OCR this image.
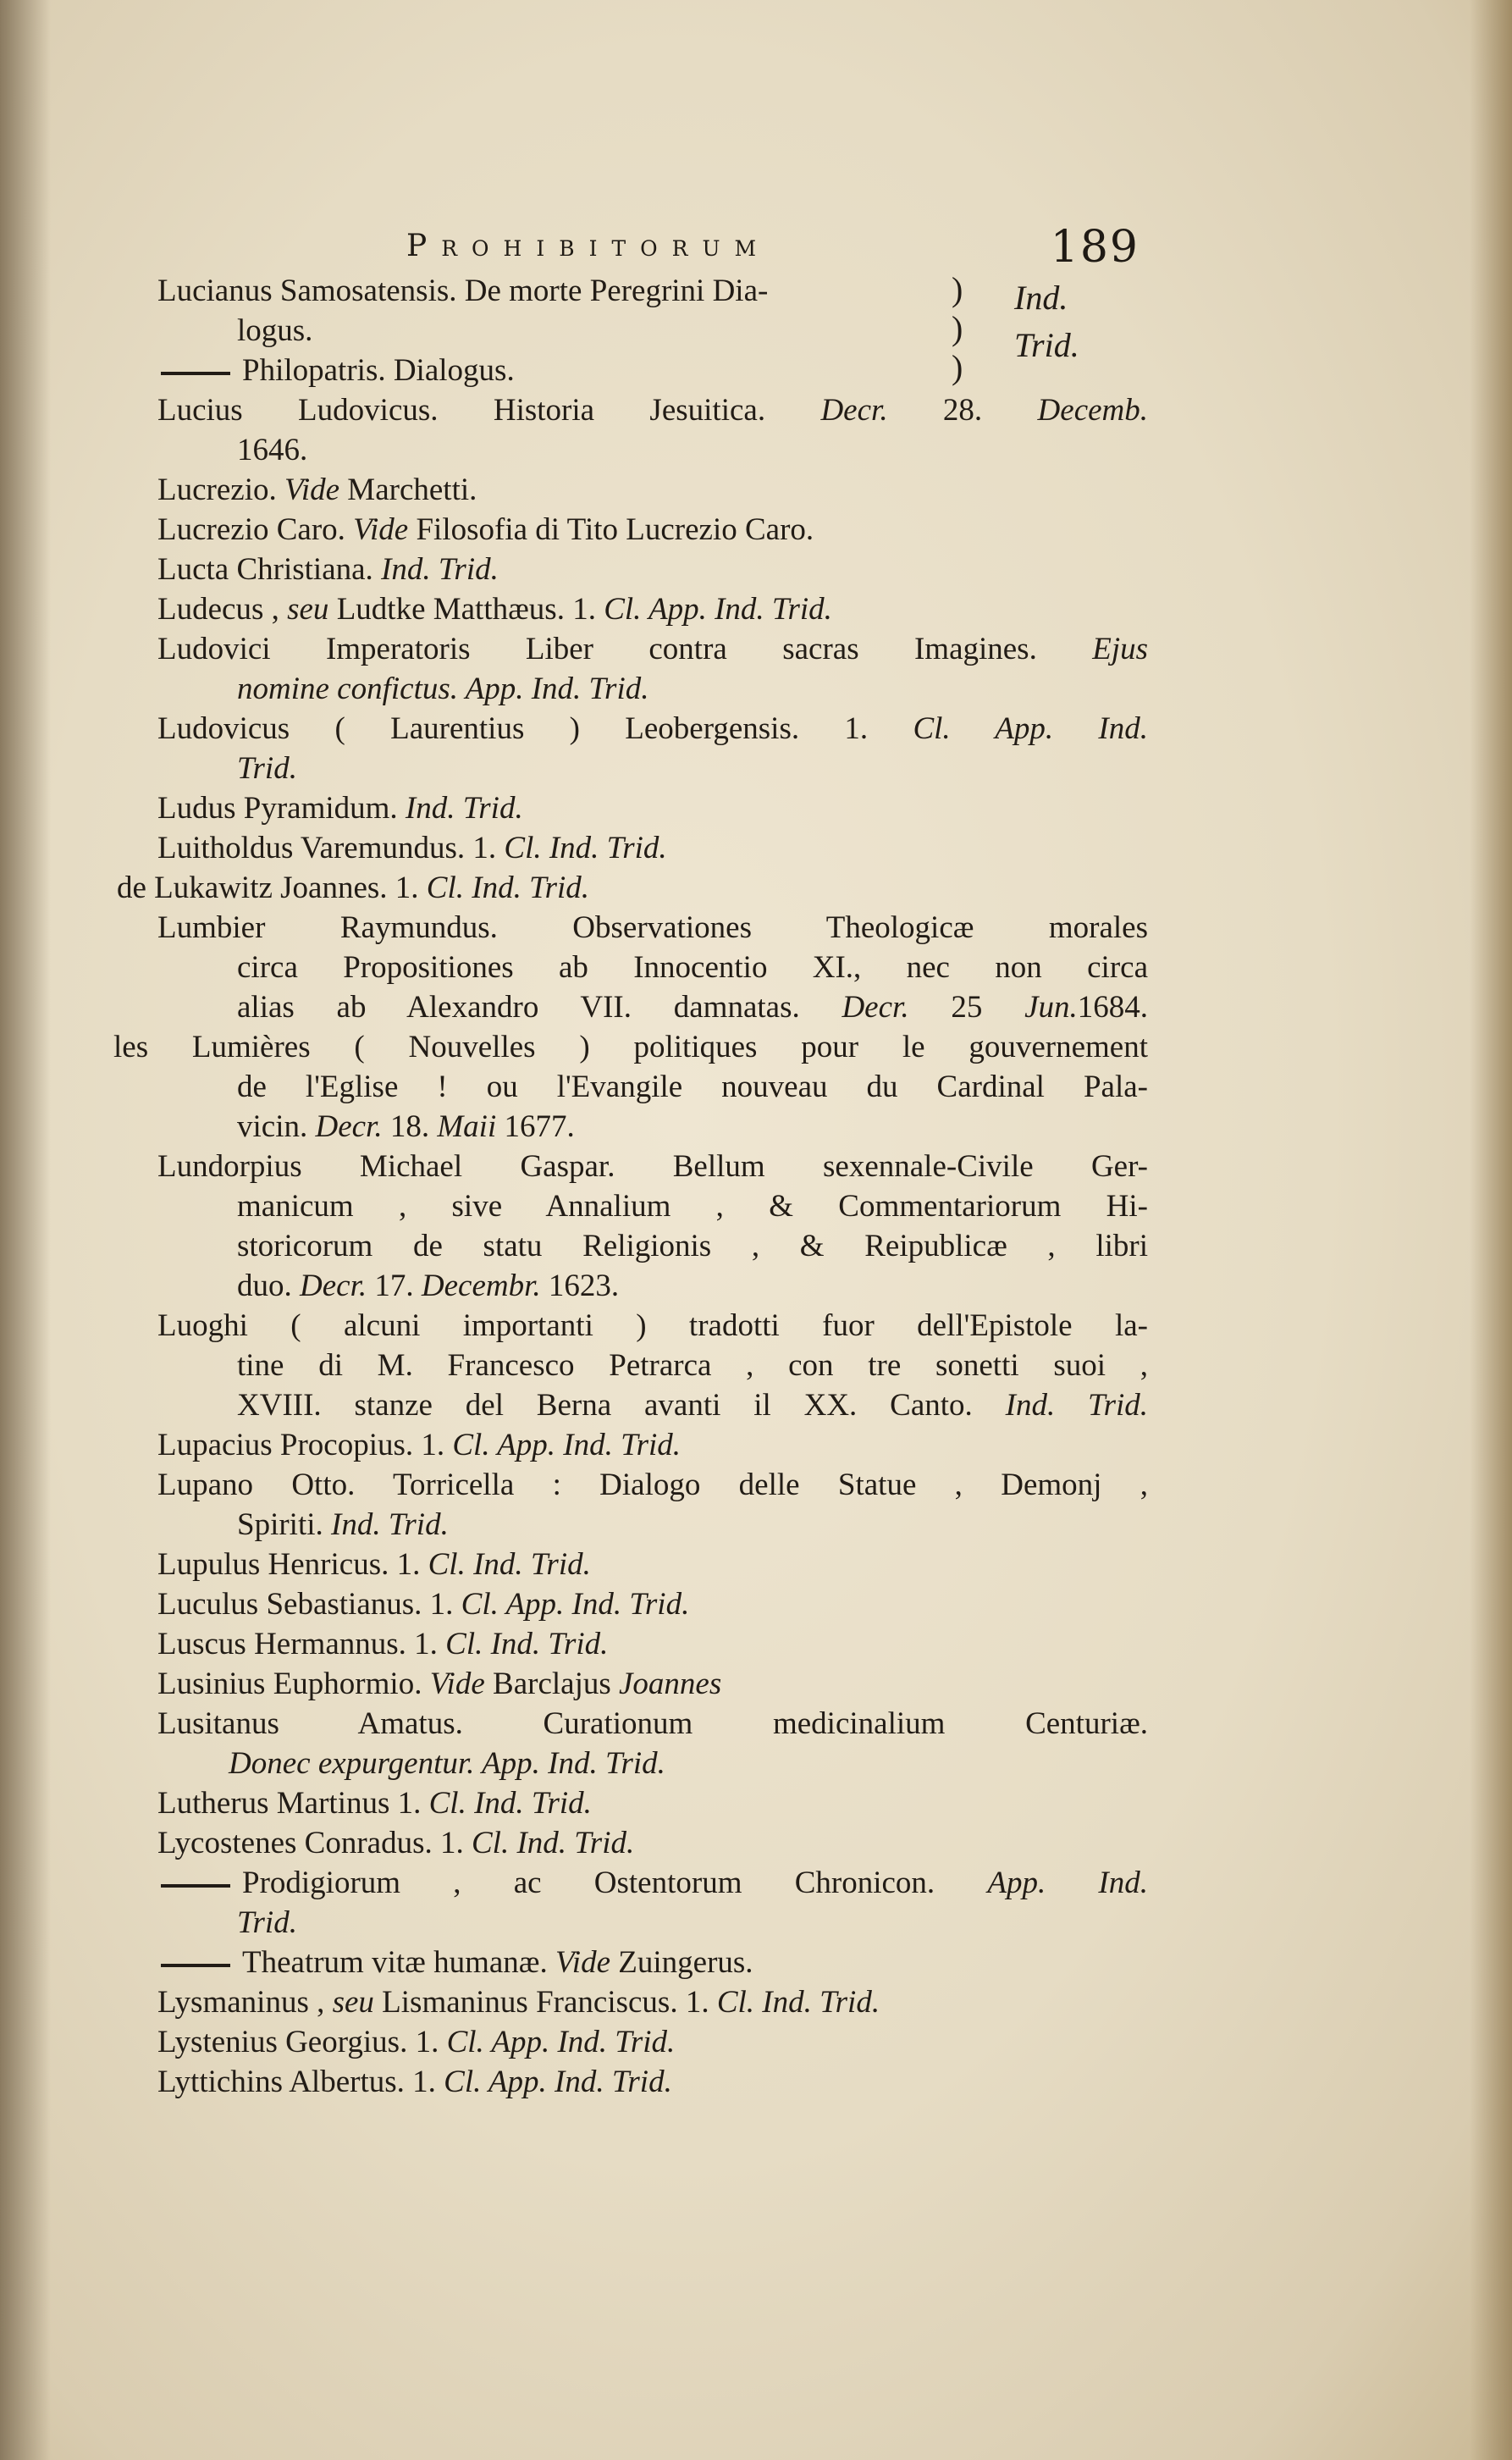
Prohibitorum	189
)
)
)
Ind.
Trid.
Lucianus Samosatensis. De morte Peregrini Dia-
logus.
Philopatris. Dialogus.
Lucius Ludovicus. Historia Jesuitica. Decr. 28. Decemb.
1646.
Lucrezio. Vide Marchetti.
Lucrezio Caro. Vide Filosofia di Tito Lucrezio Caro.
Lucta Christiana. Ind. Trid.
Ludecus , seu Ludtke Matthæus. 1. Cl. App. Ind. Trid.
Ludovici Imperatoris Liber contra sacras Imagines. Ejus
nomine confictus. App. Ind. Trid.
Ludovicus ( Laurentius ) Leobergensis. 1. Cl. App. Ind.
Trid.
Ludus Pyramidum. Ind. Trid.
Luitholdus Varemundus. 1. Cl. Ind. Trid.
de Lukawitz Joannes. 1. Cl. Ind. Trid.
Lumbier Raymundus. Observationes Theologicæ morales
circa Propositiones ab Innocentio XI., nec non circa
alias ab Alexandro VII. damnatas. Decr. 25 Jun.1684.
les Lumières ( Nouvelles ) politiques pour le gouvernement
de l'Eglise ! ou l'Evangile nouveau du Cardinal Pala-
vicin. Decr. 18. Maii 1677.
Lundorpius Michael Gaspar. Bellum sexennale-Civile Ger-
manicum , sive Annalium , & Commentariorum Hi-
storicorum de statu Religionis , & Reipublicæ , libri
duo. Decr. 17. Decembr. 1623.
Luoghi ( alcuni importanti ) tradotti fuor dell'Epistole la-
tine di M. Francesco Petrarca , con tre sonetti suoi ,
XVIII. stanze del Berna avanti il XX. Canto. Ind. Trid.
Lupacius Procopius. 1. Cl. App. Ind. Trid.
Lupano Otto. Torricella : Dialogo delle Statue , Demonj ,
Spiriti. Ind. Trid.
Lupulus Henricus. 1. Cl. Ind. Trid.
Luculus Sebastianus. 1. Cl. App. Ind. Trid.
Luscus Hermannus. 1. Cl. Ind. Trid.
Lusinius Euphormio. Vide Barclajus Joannes
Lusitanus Amatus. Curationum medicinalium Centuriæ.
Donec expurgentur. App. Ind. Trid.
Lutherus Martinus 1. Cl. Ind. Trid.
Lycostenes Conradus. 1. Cl. Ind. Trid.
Prodigiorum , ac Ostentorum Chronicon. App. Ind.
Trid.
Theatrum vitæ humanæ. Vide Zuingerus.
Lysmaninus , seu Lismaninus Franciscus. 1. Cl. Ind. Trid.
Lystenius Georgius. 1. Cl. App. Ind. Trid.
Lyttichins Albertus. 1. Cl. App. Ind. Trid.
